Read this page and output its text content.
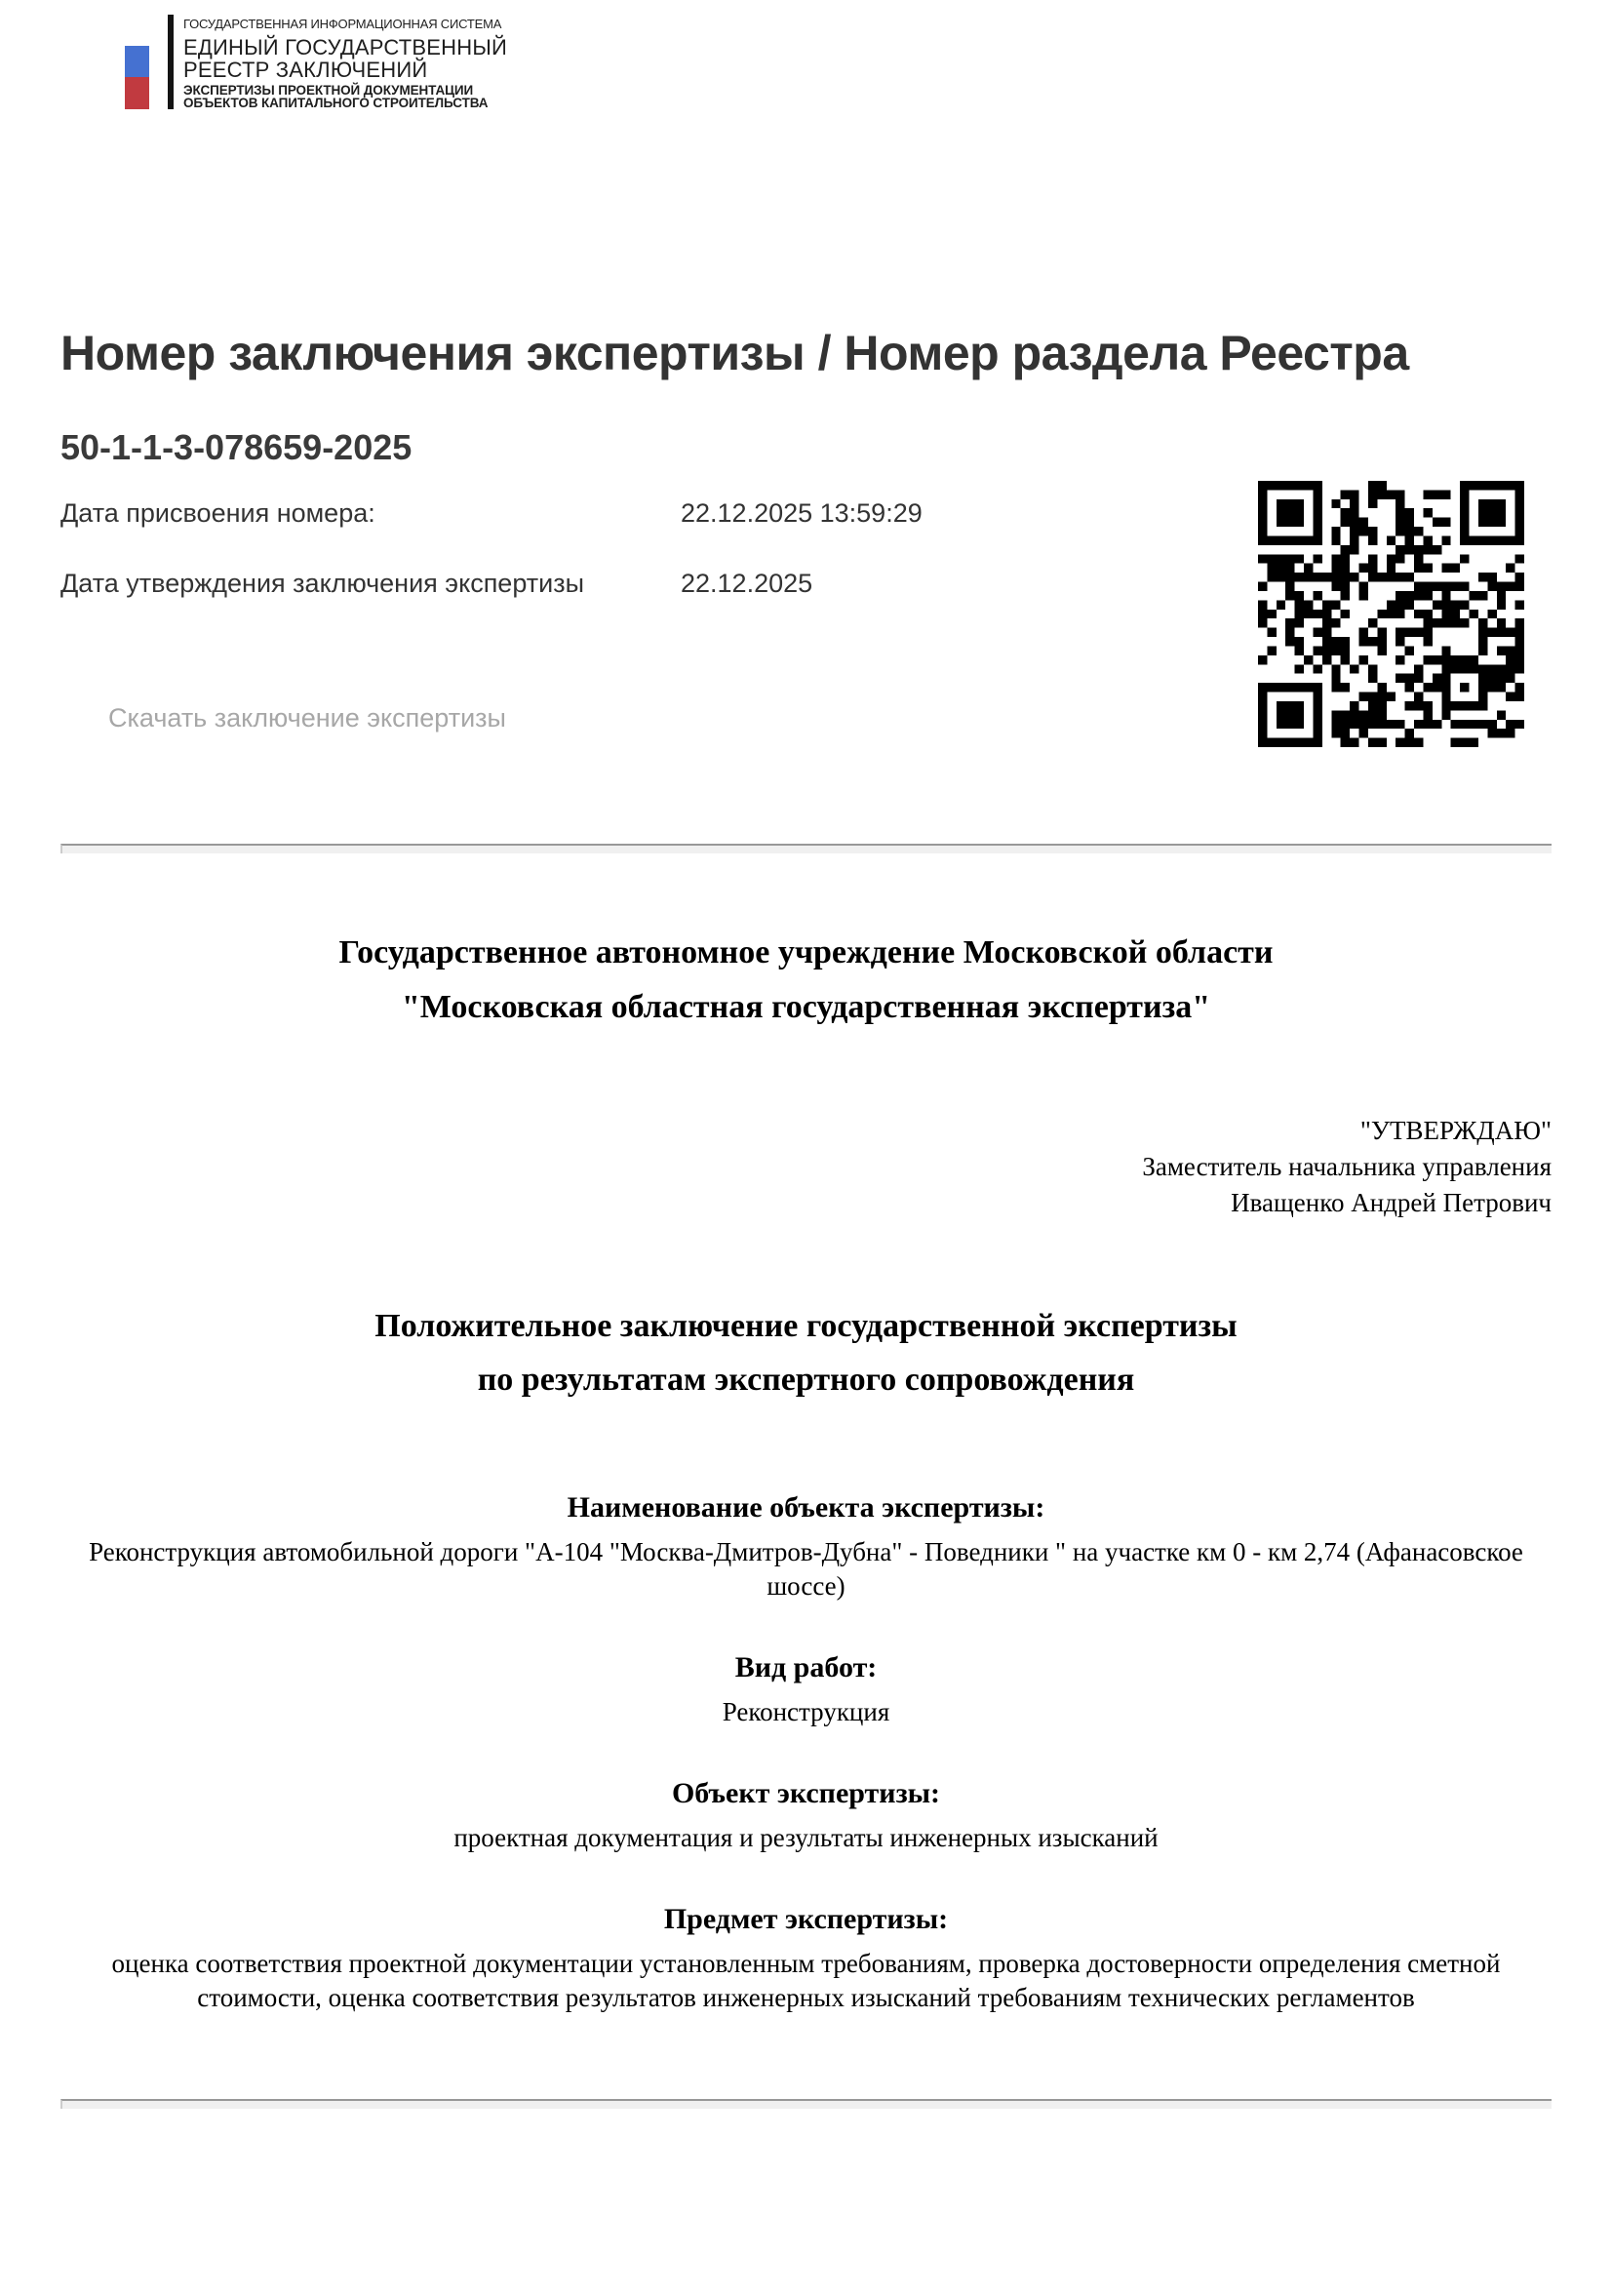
ГОСУДАРСТВЕННАЯ ИНФОРМАЦИОННАЯ СИСТЕМА
ЕДИНЫЙ ГОСУДАРСТВЕННЫЙ
РЕЕСТР ЗАКЛЮЧЕНИЙ
ЭКСПЕРТИЗЫ ПРОЕКТНОЙ ДОКУМЕНТАЦИИ
ОБЪЕКТОВ КАПИТАЛЬНОГО СТРОИТЕЛЬСТВА
Номер заключения экспертизы / Номер раздела Реестра
50-1-1-3-078659-2025
Дата присвоения номера:	22.12.2025 13:59:29
Дата утверждения заключения экспертизы	22.12.2025
Скачать заключение экспертизы
Государственное автономное учреждение Московской области
"Московская областная государственная экспертиза"
"УТВЕРЖДАЮ"
Заместитель начальника управления
Иващенко Андрей Петрович
Положительное заключение государственной экспертизы
по результатам экспертного сопровождения
Наименование объекта экспертизы:
Реконструкция автомобильной дороги "А-104 "Москва-Дмитров-Дубна" - Поведники " на участке км 0 - км 2,74 (Афанасовское шоссе)
Вид работ:
Реконструкция
Объект экспертизы:
проектная документация и результаты инженерных изысканий
Предмет экспертизы:
оценка соответствия проектной документации установленным требованиям, проверка достоверности определения сметной стоимости, оценка соответствия результатов инженерных изысканий требованиям технических регламентов
